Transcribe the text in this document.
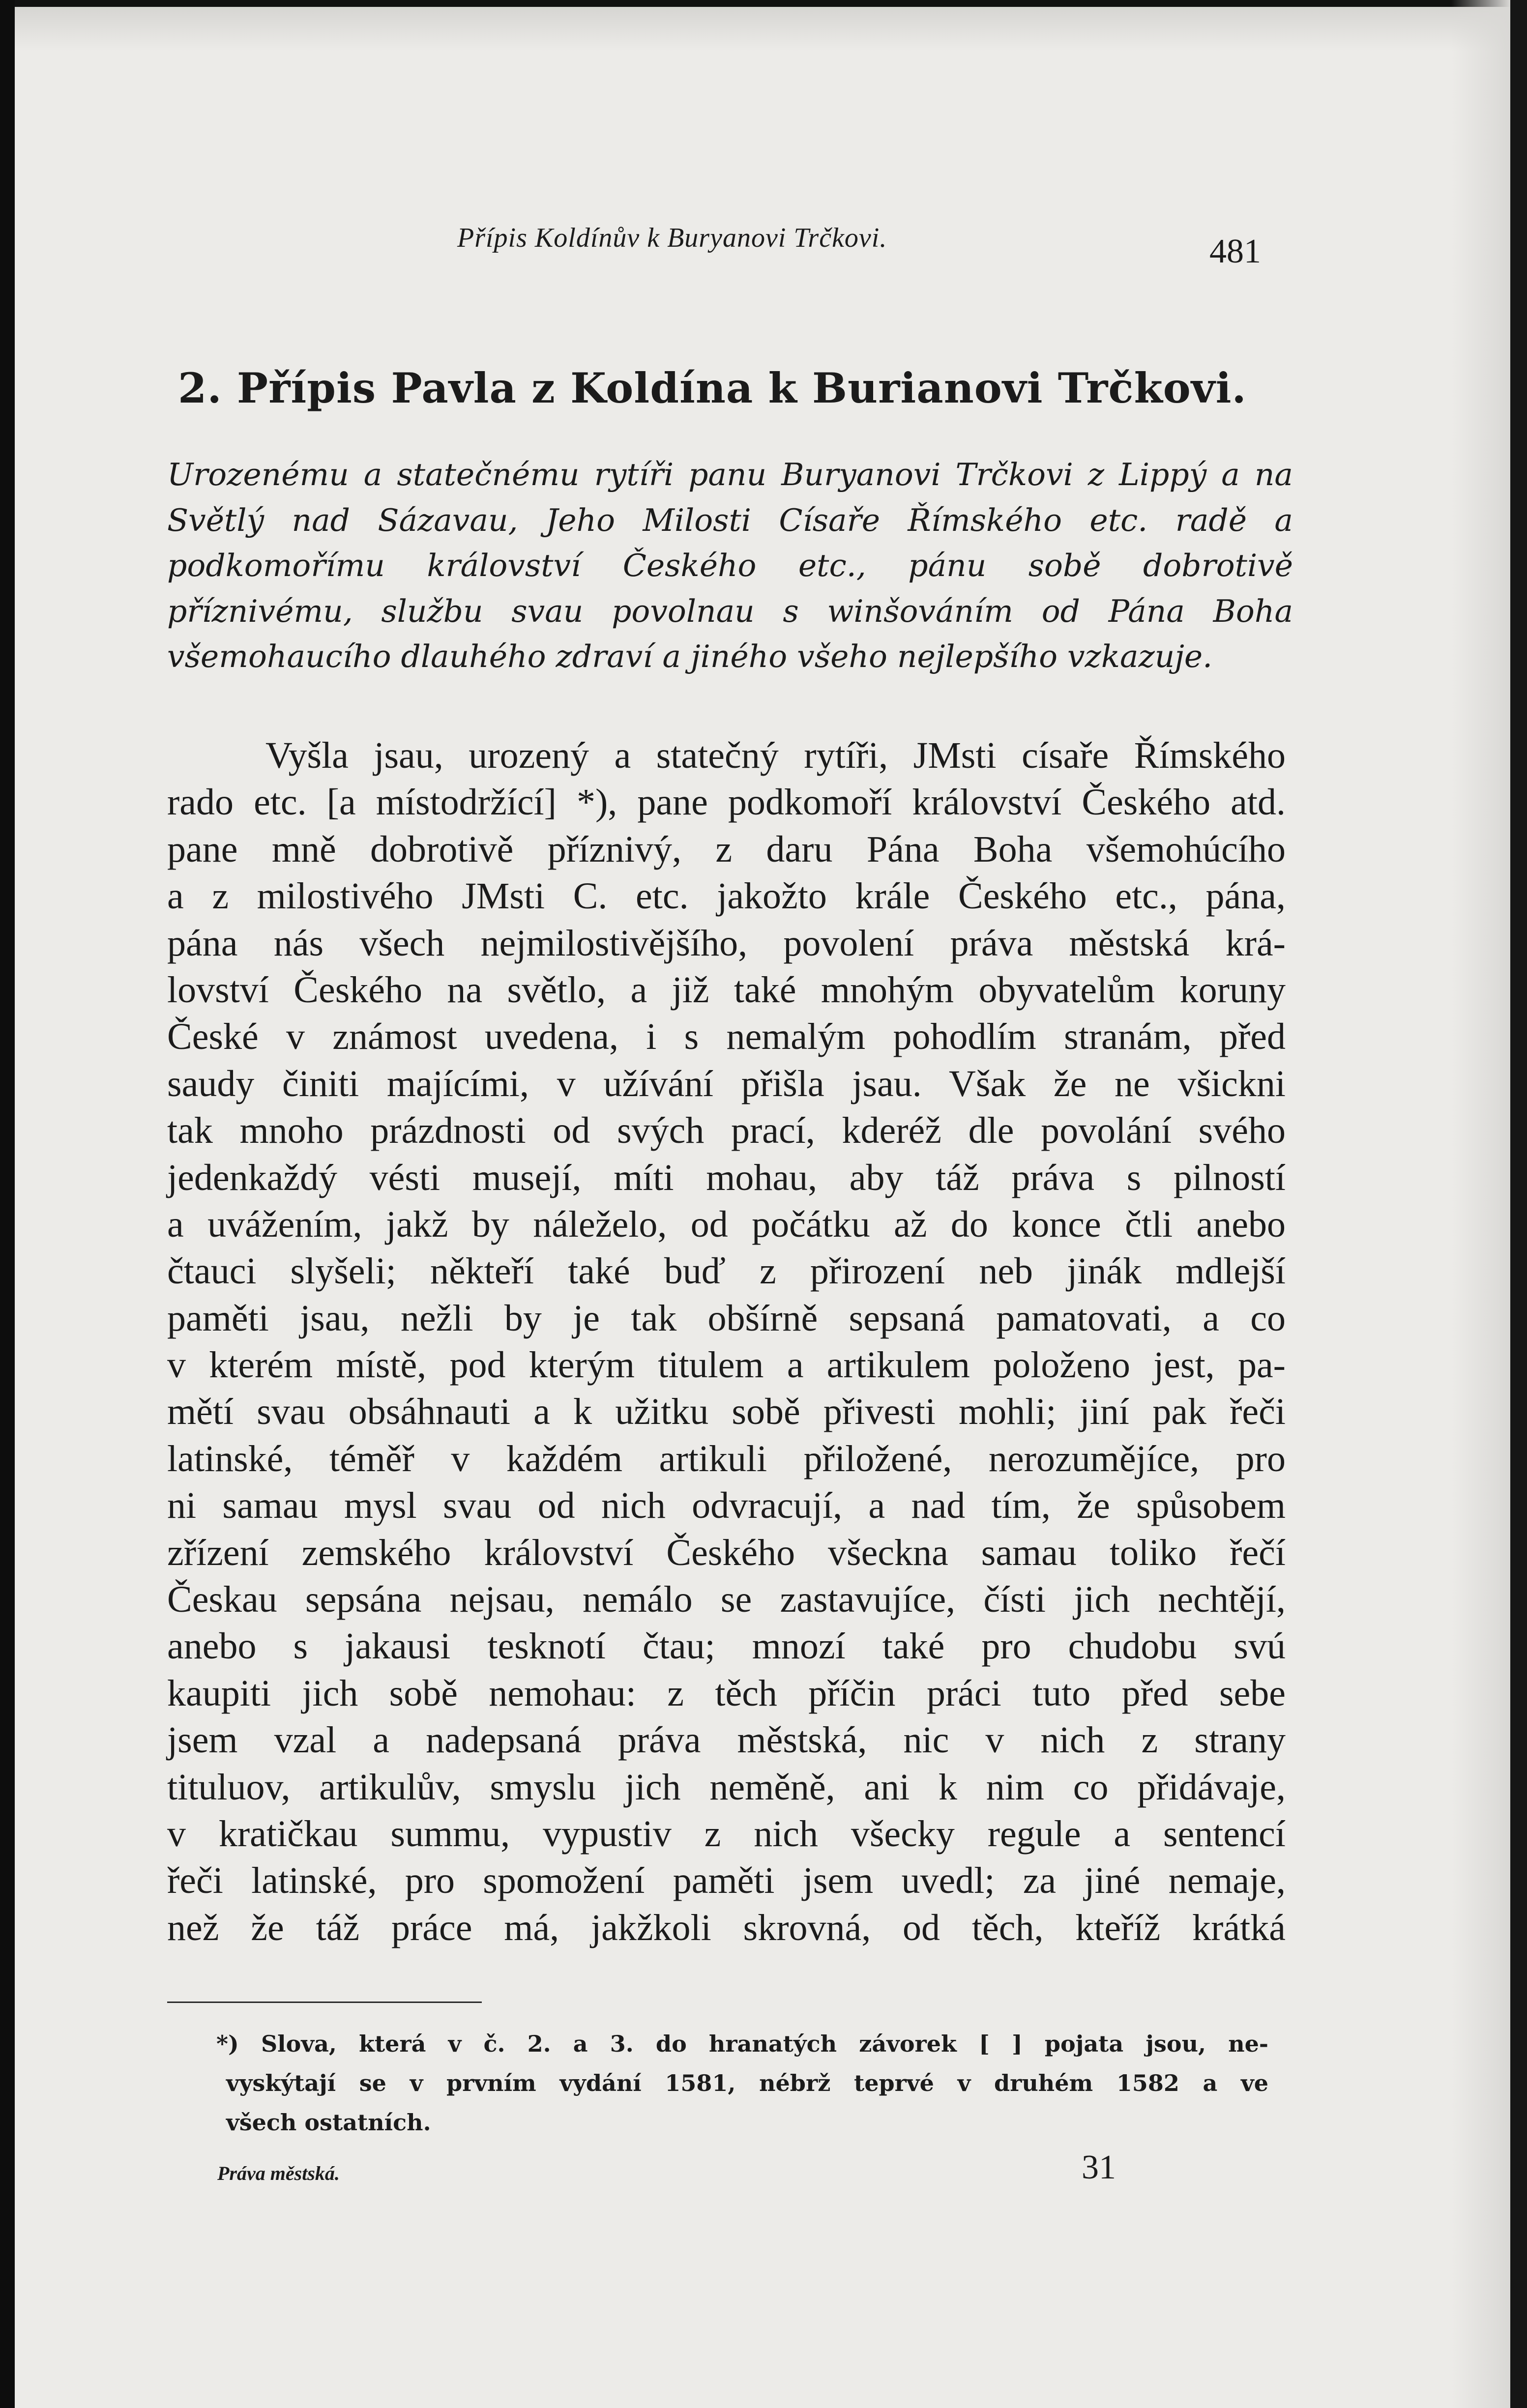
Přípis Koldínův k Buryanovi Trčkovi.	481
2. Přípis Pavla z Koldína k Burianovi Trčkovi.
Urozenému a statečnému rytíři panu Buryanovi Trčkovi z Lippý a na Světlý nad Sázavau, Jeho Milosti Císaře Římského etc. radě a podkomořímu království Českého etc., pánu sobě dobrotivě příznivému, službu svau povolnau s winšováním od Pána Boha všemohaucího dlauhého zdraví a jiného všeho nejlepšího vzkazuje.
Vyšla jsau, urozený a statečný rytíři, JMsti císaře Římského
rado etc. [a místodržící] *), pane podkomoří království Českého atd.
pane mně dobrotivě příznivý, z daru Pána Boha všemohúcího
a z milostivého JMsti C. etc. jakožto krále Českého etc., pána,
pána nás všech nejmilostivějšího, povolení práva městská krá-
lovství Českého na světlo, a již také mnohým obyvatelům koruny
České v známost uvedena, i s nemalým pohodlím stranám, před
saudy činiti majícími, v užívání přišla jsau. Však že ne všickni
tak mnoho prázdnosti od svých prací, kderéž dle povolání svého
jedenkaždý vésti musejí, míti mohau, aby táž práva s pilností
a uvážením, jakž by náleželo, od počátku až do konce čtli anebo
čtauci slyšeli; někteří také buď z přirození neb jinák mdlejší
paměti jsau, nežli by je tak obšírně sepsaná pamatovati, a co
v kterém místě, pod kterým titulem a artikulem položeno jest, pa-
mětí svau obsáhnauti a k užitku sobě přivesti mohli; jiní pak řeči
latinské, téměř v každém artikuli přiložené, nerozumějíce, pro
ni samau mysl svau od nich odvracují, a nad tím, že spůsobem
zřízení zemského království Českého všeckna samau toliko řečí
Českau sepsána nejsau, nemálo se zastavujíce, čísti jich nechtějí,
anebo s jakausi tesknotí čtau; mnozí také pro chudobu svú
kaupiti jich sobě nemohau: z těch příčin práci tuto před sebe
jsem vzal a nadepsaná práva městská, nic v nich z strany
tituluov, artikulův, smyslu jich neměně, ani k nim co přidávaje,
v kratičkau summu, vypustiv z nich všecky regule a sentencí
řeči latinské, pro spomožení paměti jsem uvedl; za jiné nemaje,
než že táž práce má, jakžkoli skrovná, od těch, kteříž krátká
*) Slova, která v č. 2. a 3. do hranatých závorek [ ] pojata jsou, ne-
vyskýtají se v prvním vydání 1581, nébrž teprvé v druhém 1582 a ve
všech ostatních.
Práva městská.	31
